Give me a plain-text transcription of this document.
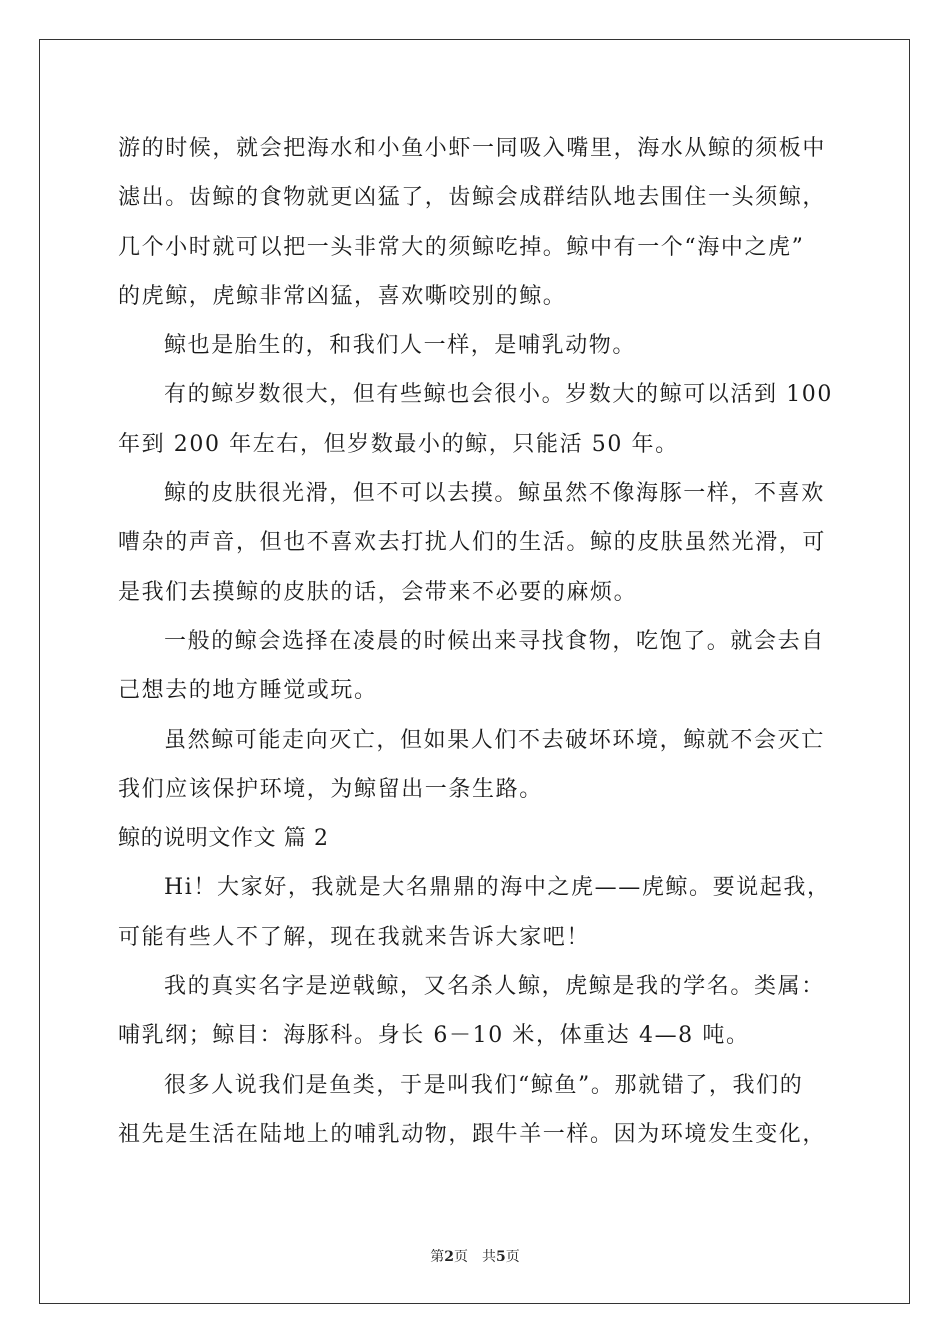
游的时候，就会把海水和小鱼小虾一同吸入嘴里，海水从鲸的须板中
滤出。齿鲸的食物就更凶猛了，齿鲸会成群结队地去围住一头须鲸，
几个小时就可以把一头非常大的须鲸吃掉。鲸中有一个“海中之虎”
的虎鲸，虎鲸非常凶猛，喜欢嘶咬别的鲸。
鲸也是胎生的，和我们人一样，是哺乳动物。
有的鲸岁数很大，但有些鲸也会很小。岁数大的鲸可以活到 100
年到 200 年左右，但岁数最小的鲸，只能活 50 年。
鲸的皮肤很光滑，但不可以去摸。鲸虽然不像海豚一样，不喜欢
嘈杂的声音，但也不喜欢去打扰人们的生活。鲸的皮肤虽然光滑，可
是我们去摸鲸的皮肤的话，会带来不必要的麻烦。
一般的鲸会选择在凌晨的时候出来寻找食物，吃饱了。就会去自
己想去的地方睡觉或玩。
虽然鲸可能走向灭亡，但如果人们不去破坏环境，鲸就不会灭亡
我们应该保护环境，为鲸留出一条生路。
鲸的说明文作文 篇 2
Hi！大家好，我就是大名鼎鼎的海中之虎——虎鲸。要说起我，
可能有些人不了解，现在我就来告诉大家吧！
我的真实名字是逆戟鲸，又名杀人鲸，虎鲸是我的学名。类属：
哺乳纲；鲸目：海豚科。身长 6－10 米，体重达 4—8 吨。
很多人说我们是鱼类，于是叫我们“鲸鱼”。那就错了，我们的
祖先是生活在陆地上的哺乳动物，跟牛羊一样。因为环境发生变化，
第2页　共5页
